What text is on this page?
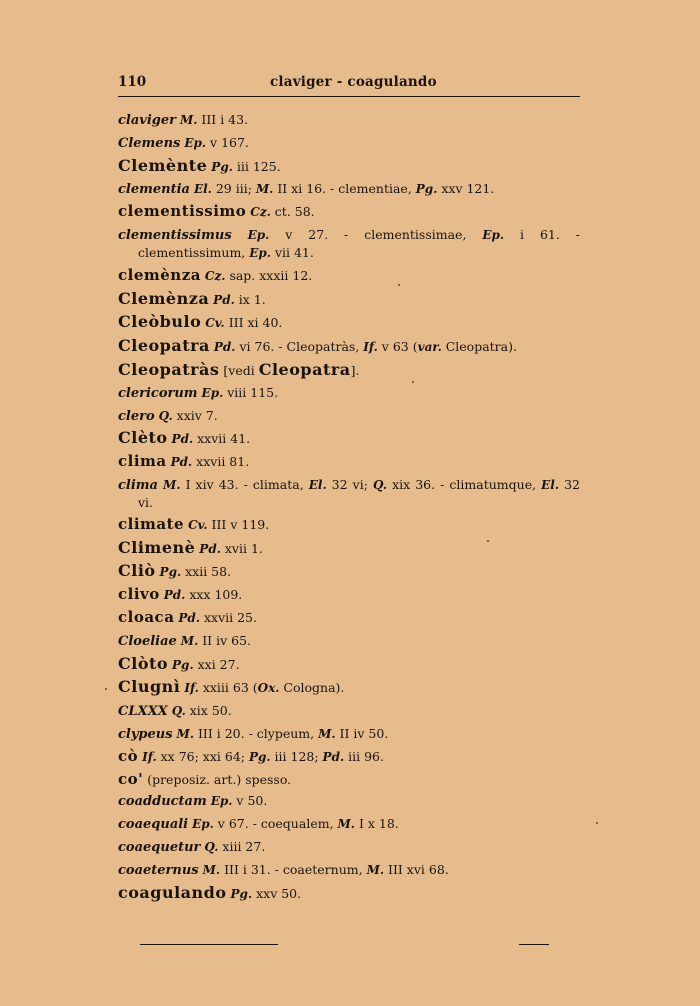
110	claviger - coagulando
claviger M. III i 43.
Clemens Ep. v 167.
Clemènte Pg. iii 125.
clementia El. 29 iii; M. II xi 16. - clementiae, Pg. xxv 121.
clementissimo Cz. ct. 58.
clementissimus Ep. v 27. - clementissimae, Ep. i 61. - clementissimum, Ep. vii 41.
clemènza Cz. sap. xxxii 12.
Clemènza Pd. ix 1.
Cleòbulo Cv. III xi 40.
Cleopatra Pd. vi 76. - Cleopatràs, If. v 63 (var. Cleopatra).
Cleopatràs [vedi Cleopatra].
clericorum Ep. viii 115.
clero Q. xxiv 7.
Clèto Pd. xxvii 41.
clima Pd. xxvii 81.
clima M. I xiv 43. - climata, El. 32 vi; Q. xix 36. - climatumque, El. 32 vi.
climate Cv. III v 119.
Climenè Pd. xvii 1.
Cliò Pg. xxii 58.
clivo Pd. xxx 109.
cloaca Pd. xxvii 25.
Cloeliae M. II iv 65.
Clòto Pg. xxi 27.
Clugnì If. xxiii 63 (Ox. Cologna).
CLXXX Q. xix 50.
clypeus M. III i 20. - clypeum, M. II iv 50.
cò If. xx 76; xxi 64; Pg. iii 128; Pd. iii 96.
co' (preposiz. art.) spesso.
coadductam Ep. v 50.
coaequali Ep. v 67. - coequalem, M. I x 18.
coaequetur Q. xiii 27.
coaeternus M. III i 31. - coaeternum, M. III xvi 68.
coagulando Pg. xxv 50.
